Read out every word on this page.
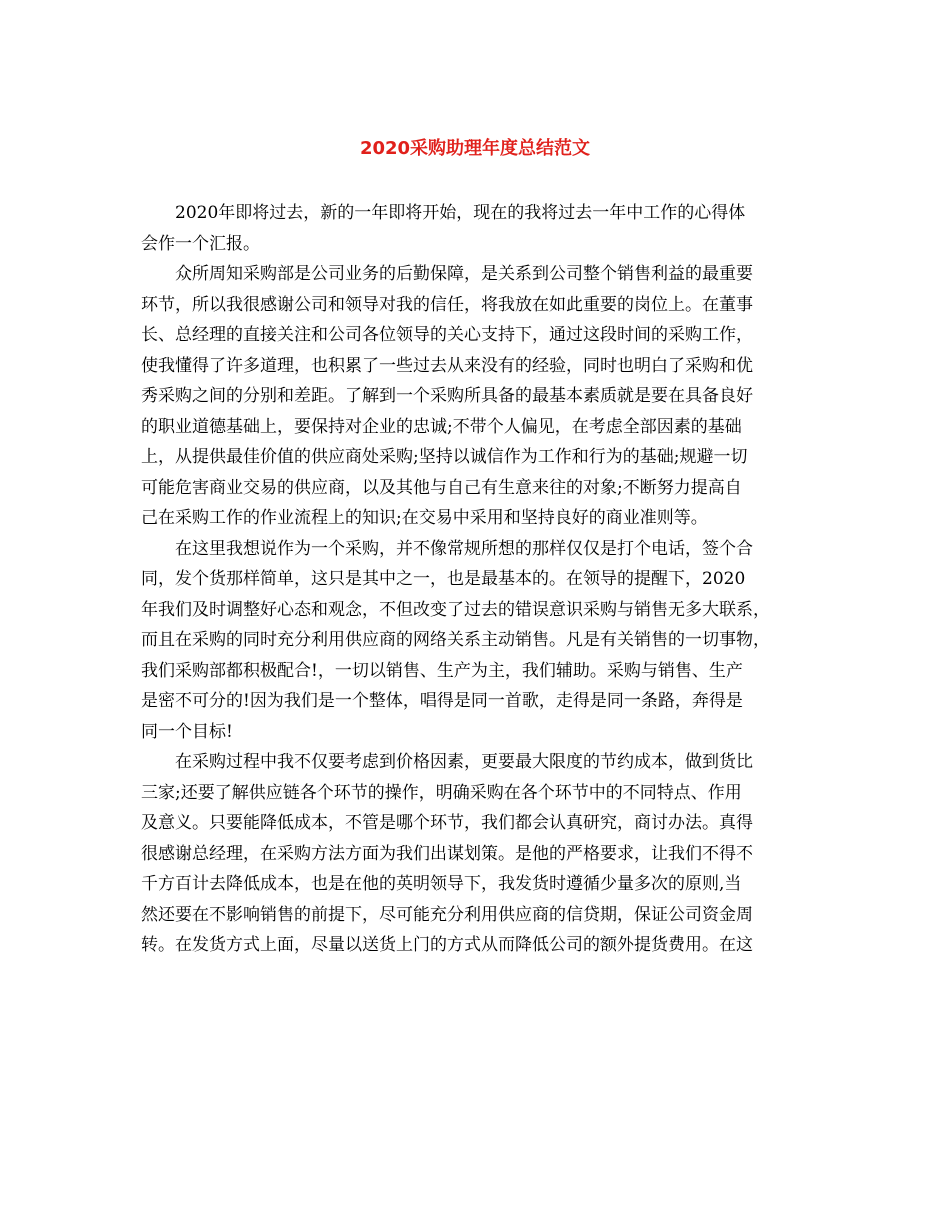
2020采购助理年度总结范文
2020年即将过去，新的一年即将开始，现在的我将过去一年中工作的心得体
会作一个汇报。
众所周知采购部是公司业务的后勤保障，是关系到公司整个销售利益的最重要
环节，所以我很感谢公司和领导对我的信任，将我放在如此重要的岗位上。在董事
长、总经理的直接关注和公司各位领导的关心支持下，通过这段时间的采购工作，
使我懂得了许多道理，也积累了一些过去从来没有的经验，同时也明白了采购和优
秀采购之间的分别和差距。了解到一个采购所具备的最基本素质就是要在具备良好
的职业道德基础上，要保持对企业的忠诚;不带个人偏见，在考虑全部因素的基础
上，从提供最佳价值的供应商处采购;坚持以诚信作为工作和行为的基础;规避一切
可能危害商业交易的供应商，以及其他与自己有生意来往的对象;不断努力提高自
己在采购工作的作业流程上的知识;在交易中采用和坚持良好的商业准则等。
在这里我想说作为一个采购，并不像常规所想的那样仅仅是打个电话，签个合
同，发个货那样简单，这只是其中之一，也是最基本的。在领导的提醒下，2020
年我们及时调整好心态和观念，不但改变了过去的错误意识采购与销售无多大联系，
而且在采购的同时充分利用供应商的网络关系主动销售。凡是有关销售的一切事物，
我们采购部都积极配合!，一切以销售、生产为主，我们辅助。采购与销售、生产
是密不可分的!因为我们是一个整体，唱得是同一首歌，走得是同一条路，奔得是
同一个目标!
在采购过程中我不仅要考虑到价格因素，更要最大限度的节约成本，做到货比
三家;还要了解供应链各个环节的操作，明确采购在各个环节中的不同特点、作用
及意义。只要能降低成本，不管是哪个环节，我们都会认真研究，商讨办法。真得
很感谢总经理，在采购方法方面为我们出谋划策。是他的严格要求，让我们不得不
千方百计去降低成本，也是在他的英明领导下，我发货时遵循少量多次的原则,当
然还要在不影响销售的前提下，尽可能充分利用供应商的信贷期，保证公司资金周
转。在发货方式上面，尽量以送货上门的方式从而降低公司的额外提货费用。在这
